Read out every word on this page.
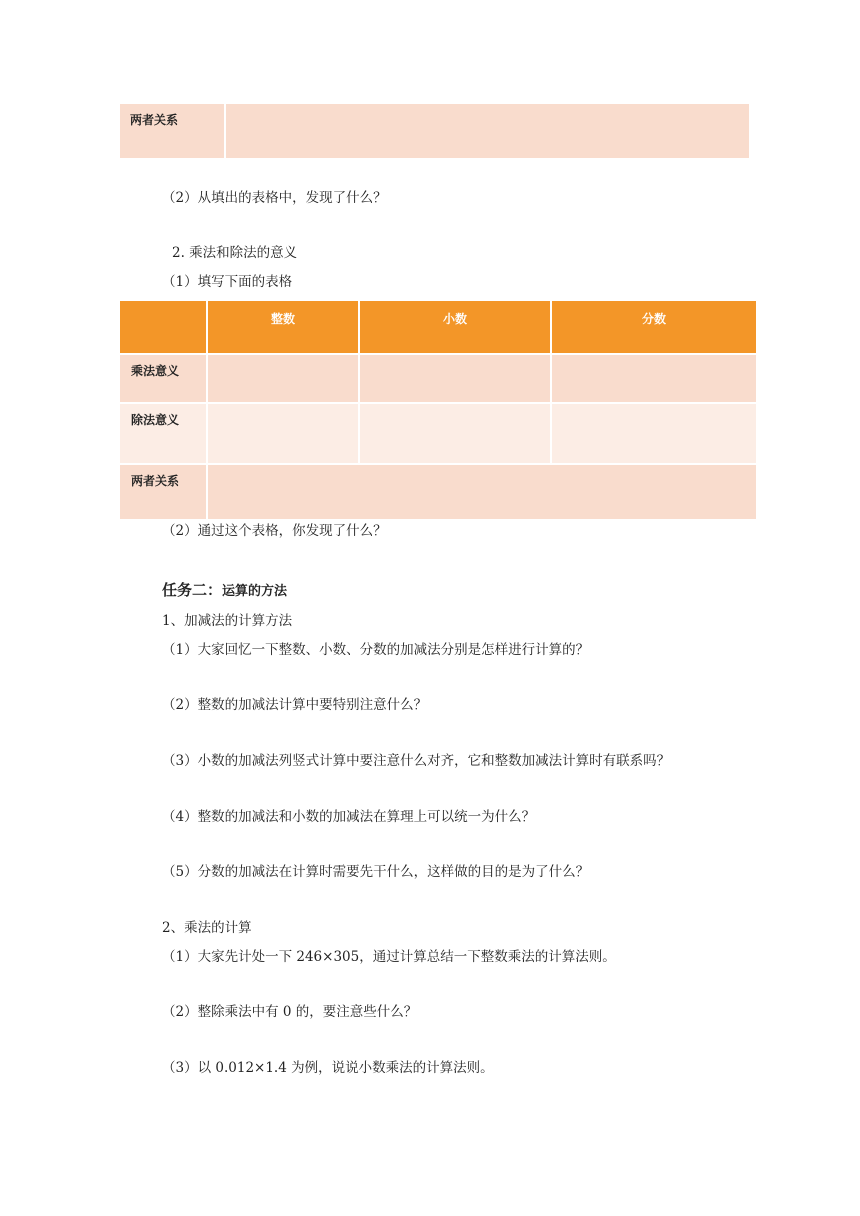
两者关系
（2）从填出的表格中，发现了什么？
2. 乘法和除法的意义
（1）填写下面的表格
整数	小数	分数
乘法意义
除法意义
两者关系
（2）通过这个表格，你发现了什么？
任务二：运算的方法
1、加减法的计算方法
（1）大家回忆一下整数、小数、分数的加减法分别是怎样进行计算的？
（2）整数的加减法计算中要特别注意什么？
（3）小数的加减法列竖式计算中要注意什么对齐，它和整数加减法计算时有联系吗？
（4）整数的加减法和小数的加减法在算理上可以统一为什么？
（5）分数的加减法在计算时需要先干什么，这样做的目的是为了什么？
2、乘法的计算
（1）大家先计处一下 246×305，通过计算总结一下整数乘法的计算法则。
（2）整除乘法中有 0 的，要注意些什么？
（3）以 0.012×1.4 为例，说说小数乘法的计算法则。
